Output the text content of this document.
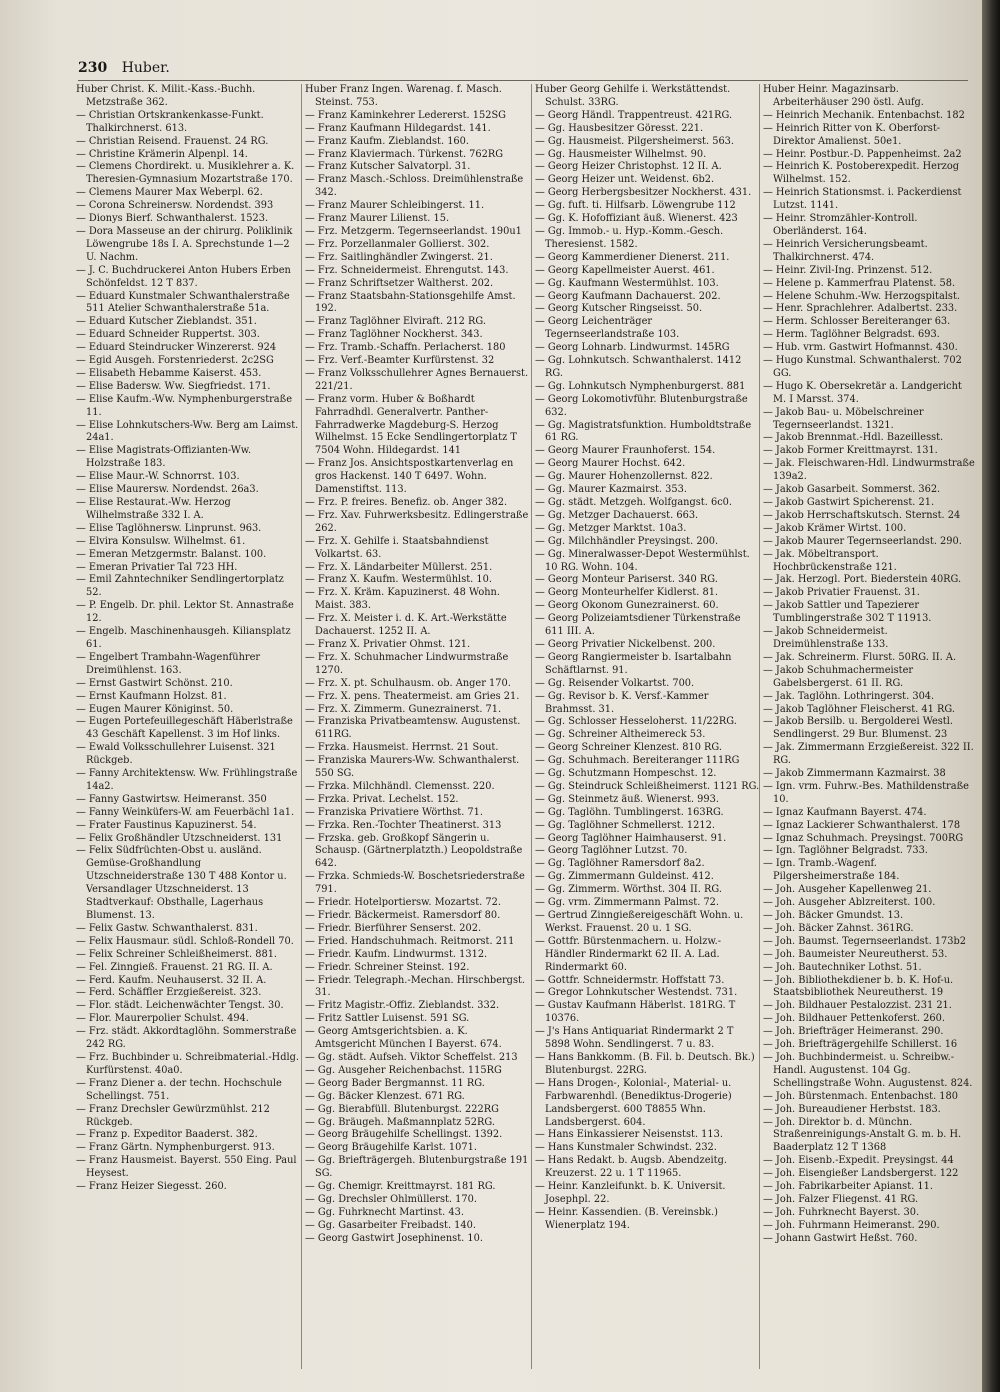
230 Huber.
Huber Christ. K. Milit.-Kass.-Buchh. Metzstraße 362.
— Christian Ortskrankenkasse-Funkt. Thalkirchnerst. 613.
— Christian Reisend. Frauenst. 24 RG.
— Christine Krämerin Alpenpl. 14.
— Clemens Chordirekt. u. Musiklehrer a. K. Theresien-Gymnasium Mozartstraße 170.
— Clemens Maurer Max Weberpl. 62.
— Corona Schreinersw. Nordendst. 393
— Dionys Bierf. Schwanthalerst. 1523.
— Dora Masseuse an der chirurg. Poliklinik Löwengrube 18s I. A. Sprechstunde 1—2 U. Nachm.
— J. C. Buchdruckerei Anton Hubers Erben Schönfeldst. 12 T 837.
— Eduard Kunstmaler Schwanthalerstraße 511 Atelier Schwanthalerstraße 51a.
— Eduard Kutscher Zieblandst. 351.
— Eduard Schneider Ruppertst. 303.
— Eduard Steindrucker Winzererst. 924
— Egid Ausgeh. Forstenriederst. 2c2SG
— Elisabeth Hebamme Kaiserst. 453.
— Elise Badersw. Ww. Siegfriedst. 171.
— Elise Kaufm.-Ww. Nymphenburgerstraße 11.
— Elise Lohnkutschers-Ww. Berg am Laimst. 24a1.
— Elise Magistrats-Offizianten-Ww. Holzstraße 183.
— Elise Maur.-W. Schnorrst. 103.
— Elise Maurersw. Nordendst. 26a3.
— Elise Restaurat.-Ww. Herzog Wilhelmstraße 332 I. A.
— Elise Taglöhnersw. Linprunst. 963.
— Elvira Konsulsw. Wilhelmst. 61.
— Emeran Metzgermstr. Balanst. 100.
— Emeran Privatier Tal 723 HH.
— Emil Zahntechniker Sendlingertorplatz 52.
— P. Engelb. Dr. phil. Lektor St. Annastraße 12.
— Engelb. Maschinenhausgeh. Kiliansplatz 61.
— Engelbert Trambahn-Wagenführer Dreimühlenst. 163.
— Ernst Gastwirt Schönst. 210.
— Ernst Kaufmann Holzst. 81.
— Eugen Maurer Königinst. 50.
— Eugen Portefeuillegeschäft Häberlstraße 43 Geschäft Kapellenst. 3 im Hof links.
— Ewald Volksschullehrer Luisenst. 321 Rückgeb.
— Fanny Architektensw. Ww. Frühlingstraße 14a2.
— Fanny Gastwirtsw. Heimeranst. 350
— Fanny Weinküfers-W. am Feuerbächl 1a1.
— Frater Faustinus Kapuzinerst. 54.
— Felix Großhändler Utzschneiderst. 131
— Felix Südfrüchten-Obst u. ausländ. Gemüse-Großhandlung Utzschneiderstraße 130 T 488 Kontor u. Versandlager Utzschneiderst. 13 Stadtverkauf: Obsthalle, Lagerhaus Blumenst. 13.
— Felix Gastw. Schwanthalerst. 831.
— Felix Hausmaur. südl. Schloß-Rondell 70.
— Felix Schreiner Schleißheimerst. 881.
— Fel. Zinngieß. Frauenst. 21 RG. II. A.
— Ferd. Kaufm. Neuhauserst. 32 II. A.
— Ferd. Schäffler Erzgießereist. 323.
— Flor. städt. Leichenwächter Tengst. 30.
— Flor. Maurerpolier Schulst. 494.
— Frz. städt. Akkordtaglöhn. Sommerstraße 242 RG.
— Frz. Buchbinder u. Schreibmaterial.-Hdlg. Kurfürstenst. 40a0.
— Franz Diener a. der techn. Hochschule Schellingst. 751.
— Franz Drechsler Gewürzmühlst. 212 Rückgeb.
— Franz p. Expeditor Baaderst. 382.
— Franz Gärtn. Nymphenburgerst. 913.
— Franz Hausmeist. Bayerst. 550 Eing. Paul Heysest.
— Franz Heizer Siegesst. 260.
Huber Franz Ingen. Warenag. f. Masch. Steinst. 753.
— Franz Kaminkehrer Ledererst. 152SG
— Franz Kaufmann Hildegardst. 141.
— Franz Kaufm. Zieblandst. 160.
— Franz Klaviermach. Türkenst. 762RG
— Franz Kutscher Salvatorpl. 31.
— Franz Masch.-Schloss. Dreimühlenstraße 342.
— Franz Maurer Schleibingerst. 11.
— Franz Maurer Lilienst. 15.
— Frz. Metzgerm. Tegernseerlandst. 190u1
— Frz. Porzellanmaler Gollierst. 302.
— Frz. Saitlinghändler Zwingerst. 21.
— Frz. Schneidermeist. Ehrengutst. 143.
— Franz Schriftsetzer Waltherst. 202.
— Franz Staatsbahn-Stationsgehilfe Amst. 192.
— Franz Taglöhner Elviraft. 212 RG.
— Franz Taglöhner Nockherst. 343.
— Frz. Tramb.-Schaffn. Perlacherst. 180
— Frz. Verf.-Beamter Kurfürstenst. 32
— Franz Volksschullehrer Agnes Bernauerst. 221/21.
— Franz vorm. Huber & Boßhardt Fahrradhdl. Generalvertr. Panther-Fahrradwerke Magdeburg-S. Herzog Wilhelmst. 15 Ecke Sendlingertorplatz T 7504 Wohn. Hildegardst. 141
— Franz Jos. Ansichtspostkartenverlag en gros Hackenst. 140 T 6497. Wohn. Damenstiftst. 113.
— Frz. P. freires. Benefiz. ob. Anger 382.
— Frz. Xav. Fuhrwerksbesitz. Edlingerstraße 262.
— Frz. X. Gehilfe i. Staatsbahndienst Volkartst. 63.
— Frz. X. Ländarbeiter Müllerst. 251.
— Franz X. Kaufm. Westermühlst. 10.
— Frz. X. Kräm. Kapuzinerst. 48 Wohn. Maist. 383.
— Frz. X. Meister i. d. K. Art.-Werkstätte Dachauerst. 1252 II. A.
— Franz X. Privatier Ohmst. 121.
— Frz. X. Schuhmacher Lindwurmstraße 1270.
— Frz. X. pt. Schulhausm. ob. Anger 170.
— Frz. X. pens. Theatermeist. am Gries 21.
— Frz. X. Zimmerm. Gunezrainerst. 71.
— Franziska Privatbeamtensw. Augustenst. 611RG.
— Frzka. Hausmeist. Herrnst. 21 Sout.
— Franziska Maurers-Ww. Schwanthalerst. 550 SG.
— Frzka. Milchhändl. Clemensst. 220.
— Frzka. Privat. Lechelst. 152.
— Franziska Privatiere Wörthst. 71.
— Frzka. Ren.-Tochter Theatinerst. 313
— Frzska. geb. Großkopf Sängerin u. Schausp. (Gärtnerplatzth.) Leopoldstraße 642.
— Frzka. Schmieds-W. Boschetsriederstraße 791.
— Friedr. Hotelportiersw. Mozartst. 72.
— Friedr. Bäckermeist. Ramersdorf 80.
— Friedr. Bierführer Senserst. 202.
— Fried. Handschuhmach. Reitmorst. 211
— Friedr. Kaufm. Lindwurmst. 1312.
— Friedr. Schreiner Steinst. 192.
— Friedr. Telegraph.-Mechan. Hirschbergst. 31.
— Fritz Magistr.-Offiz. Zieblandst. 332.
— Fritz Sattler Luisenst. 591 SG.
— Georg Amtsgerichtsbien. a. K. Amtsgericht München I Bayerst. 674.
— Gg. städt. Aufseh. Viktor Scheffelst. 213
— Gg. Ausgeher Reichenbachst. 115RG
— Georg Bader Bergmannst. 11 RG.
— Gg. Bäcker Klenzest. 671 RG.
— Gg. Bierabfüll. Blutenburgst. 222RG
— Gg. Bräugeh. Maßmannplatz 52RG.
— Georg Bräugehilfe Schellingst. 1392.
— Georg Bräugehilfe Karlst. 1071.
— Gg. Briefträgergeh. Blutenburgstraße 191 SG.
— Gg. Chemigr. Kreittmayrst. 181 RG.
— Gg. Drechsler Ohlmüllerst. 170.
— Gg. Fuhrknecht Martinst. 43.
— Gg. Gasarbeiter Freibadst. 140.
— Georg Gastwirt Josephinenst. 10.
Huber Georg Gehilfe i. Werkstättendst. Schulst. 33RG.
— Georg Händl. Trappentreust. 421RG.
— Gg. Hausbesitzer Göresst. 221.
— Gg. Hausmeist. Pilgersheimerst. 563.
— Gg. Hausmeister Wilhelmst. 90.
— Georg Heizer Christophst. 12 II. A.
— Georg Heizer unt. Weidenst. 6b2.
— Georg Herbergsbesitzer Nockherst. 431.
— Gg. fuft. ti. Hilfsarb. Löwengrube 112
— Gg. K. Hofoffiziant äuß. Wienerst. 423
— Gg. Immob.- u. Hyp.-Komm.-Gesch. Theresienst. 1582.
— Georg Kammerdiener Dienerst. 211.
— Georg Kapellmeister Auerst. 461.
— Gg. Kaufmann Westermühlst. 103.
— Georg Kaufmann Dachauerst. 202.
— Georg Kutscher Ringseisst. 50.
— Georg Leichenträger Tegernseerlandstraße 103.
— Georg Lohnarb. Lindwurmst. 145RG
— Gg. Lohnkutsch. Schwanthalerst. 1412 RG.
— Gg. Lohnkutsch Nymphenburgerst. 881
— Georg Lokomotivführ. Blutenburgstraße 632.
— Gg. Magistratsfunktion. Humboldtstraße 61 RG.
— Georg Maurer Fraunhoferst. 154.
— Georg Maurer Hochst. 642.
— Gg. Maurer Hohenzollernst. 822.
— Gg. Maurer Kazmairst. 353.
— Gg. städt. Metzgeh. Wolfgangst. 6c0.
— Gg. Metzger Dachauerst. 663.
— Gg. Metzger Marktst. 10a3.
— Gg. Milchhändler Preysingst. 200.
— Gg. Mineralwasser-Depot Westermühlst. 10 RG. Wohn. 104.
— Georg Monteur Pariserst. 340 RG.
— Georg Monteurhelfer Kidlerst. 81.
— Georg Okonom Gunezrainerst. 60.
— Georg Polizeiamtsdiener Türkenstraße 611 III. A.
— Georg Privatier Nickelbenst. 200.
— Georg Rangiermeister b. Isartalbahn Schäftlarnst. 91.
— Gg. Reisender Volkartst. 700.
— Gg. Revisor b. K. Versf.-Kammer Brahmsst. 31.
— Gg. Schlosser Hesseloherst. 11/22RG.
— Gg. Schreiner Altheimereck 53.
— Georg Schreiner Klenzest. 810 RG.
— Gg. Schuhmach. Bereiteranger 111RG
— Gg. Schutzmann Hompeschst. 12.
— Gg. Steindruck Schleißheimerst. 1121 RG.
— Gg. Steinmetz äuß. Wienerst. 993.
— Gg. Taglöhn. Tumblingerst. 163RG.
— Gg. Taglöhner Schmellerst. 1212.
— Georg Taglöhner Haimhauserst. 91.
— Georg Taglöhner Lutzst. 70.
— Gg. Taglöhner Ramersdorf 8a2.
— Gg. Zimmermann Guldeinst. 412.
— Gg. Zimmerm. Wörthst. 304 II. RG.
— Gg. vrm. Zimmermann Palmst. 72.
— Gertrud Zinngießereigeschäft Wohn. u. Werkst. Frauenst. 20 u. 1 SG.
— Gottfr. Bürstenmachern. u. Holzw.-Händler Rindermarkt 62 II. A. Lad. Rindermarkt 60.
— Gottfr. Schneidermstr. Hoffstatt 73.
— Gregor Lohnkutscher Westendst. 731.
— Gustav Kaufmann Häberlst. 181RG. T 10376.
— J's Hans Antiquariat Rindermarkt 2 T 5898 Wohn. Sendlingerst. 7 u. 83.
— Hans Bankkomm. (B. Fil. b. Deutsch. Bk.) Blutenburgst. 22RG.
— Hans Drogen-, Kolonial-, Material- u. Farbwarenhdl. (Benediktus-Drogerie) Landsbergerst. 600 T8855 Whn. Landsbergerst. 604.
— Hans Einkassierer Neisenstst. 113.
— Hans Kunstmaler Schwindst. 232.
— Hans Redakt. b. Augsb. Abendzeitg. Kreuzerst. 22 u. 1 T 11965.
— Heinr. Kanzleifunkt. b. K. Universit. Josephpl. 22.
— Heinr. Kassendien. (B. Vereinsbk.) Wienerplatz 194.
Huber Heinr. Magazinsarb. Arbeiterhäuser 290 östl. Aufg.
— Heinrich Mechanik. Entenbachst. 182
— Heinrich Ritter von K. Oberforst-Direktor Amalienst. 50e1.
— Heinr. Postbur.-D. Pappenheimst. 2a2
— Heinrich K. Postoberexpedit. Herzog Wilhelmst. 152.
— Heinrich Stationsmst. i. Packerdienst Lutzst. 1141.
— Heinr. Stromzähler-Kontroll. Oberländerst. 164.
— Heinrich Versicherungsbeamt. Thalkirchnerst. 474.
— Heinr. Zivil-Ing. Prinzenst. 512.
— Helene p. Kammerfrau Platenst. 58.
— Helene Schuhm.-Ww. Herzogspitalst.
— Henr. Sprachlehrer. Adalbertst. 233.
— Herm. Schlosser Bereiteranger 63.
— Herm. Taglöhner Belgradst. 693.
— Hub. vrm. Gastwirt Hofmannst. 430.
— Hugo Kunstmal. Schwanthalerst. 702 GG.
— Hugo K. Obersekretär a. Landgericht M. I Marsst. 374.
— Jakob Bau- u. Möbelschreiner Tegernseerlandst. 1321.
— Jakob Brennmat.-Hdl. Bazeillesst.
— Jakob Former Kreittmayrst. 131.
— Jak. Fleischwaren-Hdl. Lindwurmstraße 139a2.
— Jakob Gasarbeit. Sommerst. 362.
— Jakob Gastwirt Spicherenst. 21.
— Jakob Herrschaftskutsch. Sternst. 24
— Jakob Krämer Wirtst. 100.
— Jakob Maurer Tegernseerlandst. 290.
— Jak. Möbeltransport. Hochbrückenstraße 121.
— Jak. Herzogl. Port. Biederstein 40RG.
— Jakob Privatier Frauenst. 31.
— Jakob Sattler und Tapezierer Tumblingerstraße 302 T 11913.
— Jakob Schneidermeist. Dreimühlenstraße 133.
— Jak. Schreinerm. Flurst. 50RG. II. A.
— Jakob Schuhmachermeister Gabelsbergerst. 61 II. RG.
— Jak. Taglöhn. Lothringerst. 304.
— Jakob Taglöhner Fleischerst. 41 RG.
— Jakob Bersilb. u. Bergolderei Westl. Sendlingerst. 29 Bur. Blumenst. 23
— Jak. Zimmermann Erzgießereist. 322 II. RG.
— Jakob Zimmermann Kazmairst. 38
— Ign. vrm. Fuhrw.-Bes. Mathildenstraße 10.
— Ignaz Kaufmann Bayerst. 474.
— Ignaz Lackierer Schwanthalerst. 178
— Ignaz Schuhmach. Preysingst. 700RG
— Ign. Taglöhner Belgradst. 733.
— Ign. Tramb.-Wagenf. Pilgersheimerstraße 184.
— Joh. Ausgeher Kapellenweg 21.
— Joh. Ausgeher Ablzreiterst. 100.
— Joh. Bäcker Gmundst. 13.
— Joh. Bäcker Zahnst. 361RG.
— Joh. Baumst. Tegernseerlandst. 173b2
— Joh. Baumeister Neureutherst. 53.
— Joh. Bautechniker Lothst. 51.
— Joh. Bibliothekdiener b. b. K. Hof-u. Staatsbibliothek Neureutherst. 19
— Joh. Bildhauer Pestalozzist. 231 21.
— Joh. Bildhauer Pettenkoferst. 260.
— Joh. Briefträger Heimeranst. 290.
— Joh. Briefträgergehilfe Schillerst. 16
— Joh. Buchbindermeist. u. Schreibw.-Handl. Augustenst. 104 Gg. Schellingstraße Wohn. Augustenst. 824.
— Joh. Bürstenmach. Entenbachst. 180
— Joh. Bureaudiener Herbstst. 183.
— Joh. Direktor b. d. Münchn. Straßenreinigungs-Anstalt G. m. b. H. Baaderplatz 12 T 1368
— Joh. Eisenb.-Expedit. Preysingst. 44
— Joh. Eisengießer Landsbergerst. 122
— Joh. Fabrikarbeiter Apianst. 11.
— Joh. Falzer Fliegenst. 41 RG.
— Joh. Fuhrknecht Bayerst. 30.
— Joh. Fuhrmann Heimeranst. 290.
— Johann Gastwirt Heßst. 760.
